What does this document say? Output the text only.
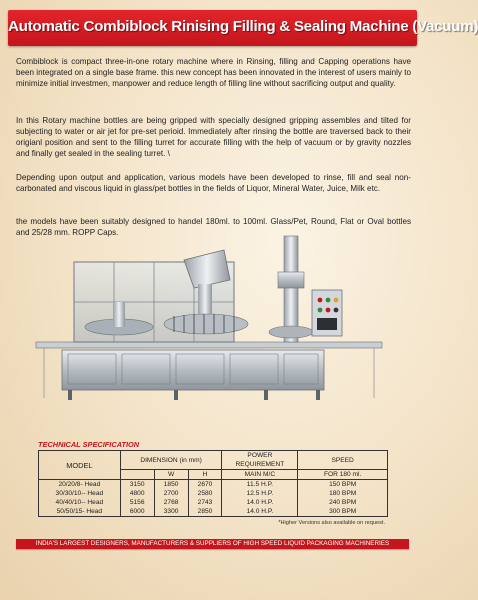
Automatic Combiblock Rinising Filling & Sealing Machine (Vacuum)

Combiblock is compact three-in-one rotary machine where in Rinsing, filling and Capping operations have been integrated on a single base frame. this new concept has been innovated in the interest of users mainly to minimize initial investmen, manpower and reduce length of filling line without sacrificing output and quality.

In this Rotary machine bottles are being gripped with specially designed gripping assembles and tilted for subjecting to water or air jet for pre-set perioid. Immediately after rinsing the bottle are traversed back to their origianl position and sent to the filling turret for accurate filling with the help of vacuum or by gravity nozzles and finally get sealed in the sealing turret. \

Depending upon output and application, various models have been developed to rinse, fill and seal non-carbonated and viscous liquid in glass/pet bottles in the fields of Liquor, Mineral Water, Juice, Milk etc.

the models have been suitably designed to handel 180ml. to 100ml. Glass/Pet, Round, Flat or Oval bottles and 25/28 mm. ROPP Caps.

TECHNICAL SPECIFICATION
MODEL	DIMENSION (in mm)			POWER REQUIREMENT	SPEED
		W	H	MAIN M/C	FOR 180 ml.
20/20/8- Head	3150	1850	2670	11.5 H.P.	150 BPM
30/30/10-- Head	4800	2700	2580	12.5 H.P.	180 BPM
40/40/10-- Head	5156	2768	2743	14.0 H.P.	240 BPM
50/50/15- Head	6000	3300	2850	14.0 H.P.	300 BPM
*Higher Versions also available on request.
INDIA'S LARGEST DESIGNERS, MANUFACTURERS & SUPPLIERS OF HIGH SPEED LIQUID PACKAGING MACHINERIES
